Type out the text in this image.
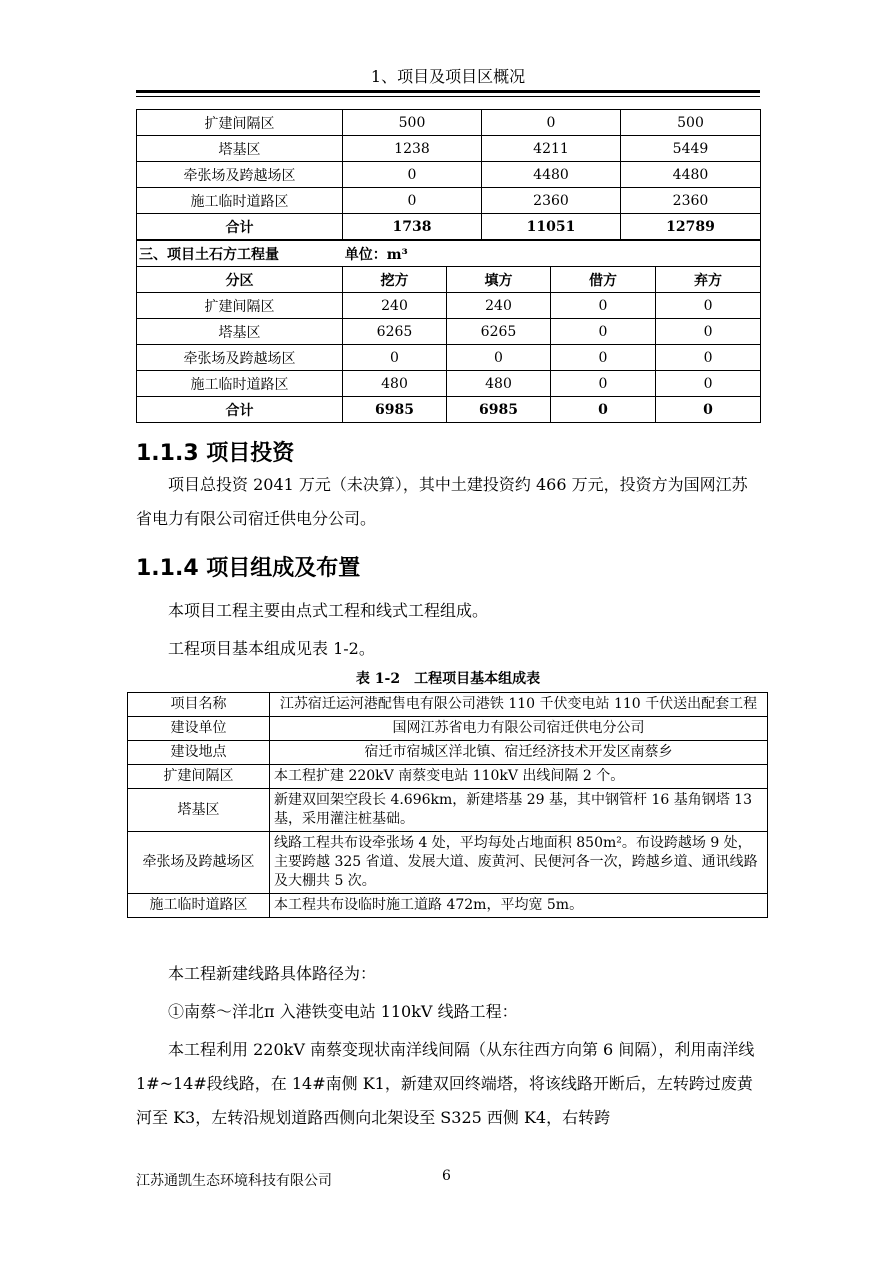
1、项目及项目区概况
扩建间隔区	500	0	500
塔基区	1238	4211	5449
牵张场及跨越场区	0	4480	4480
施工临时道路区	0	2360	2360
合计	1738	11051	12789
三、项目土石方工程量 单位：m³				
分区	挖方	填方	借方	弃方
扩建间隔区	240	240	0	0
塔基区	6265	6265	0	0
牵张场及跨越场区	0	0	0	0
施工临时道路区	480	480	0	0
合计	6985	6985	0	0
1.1.3 项目投资
项目总投资 2041 万元（未决算），其中土建投资约 466 万元，投资方为国网江苏省电力有限公司宿迁供电分公司。
1.1.4 项目组成及布置
本项目工程主要由点式工程和线式工程组成。
工程项目基本组成见表 1-2。
表 1-2　工程项目基本组成表
项目名称	江苏宿迁运河港配售电有限公司港铁 110 千伏变电站 110 千伏送出配套工程
建设单位	国网江苏省电力有限公司宿迁供电分公司
建设地点	宿迁市宿城区洋北镇、宿迁经济技术开发区南蔡乡
扩建间隔区	本工程扩建 220kV 南蔡变电站 110kV 出线间隔 2 个。
塔基区	新建双回架空段长 4.696km，新建塔基 29 基，其中钢管杆 16 基角钢塔 13 基，采用灌注桩基础。
牵张场及跨越场区	线路工程共布设牵张场 4 处，平均每处占地面积 850m²。布设跨越场 9 处，主要跨越 325 省道、发展大道、废黄河、民便河各一次，跨越乡道、通讯线路及大棚共 5 次。
施工临时道路区	本工程共布设临时施工道路 472m，平均宽 5m。
本工程新建线路具体路径为：
①南蔡～洋北π 入港铁变电站 110kV 线路工程：
本工程利用 220kV 南蔡变现状南洋线间隔（从东往西方向第 6 间隔），利用南洋线 1#~14#段线路，在 14#南侧 K1，新建双回终端塔，将该线路开断后，左转跨过废黄河至 K3，左转沿规划道路西侧向北架设至 S325 西侧 K4，右转跨
江苏通凯生态环境科技有限公司	6
